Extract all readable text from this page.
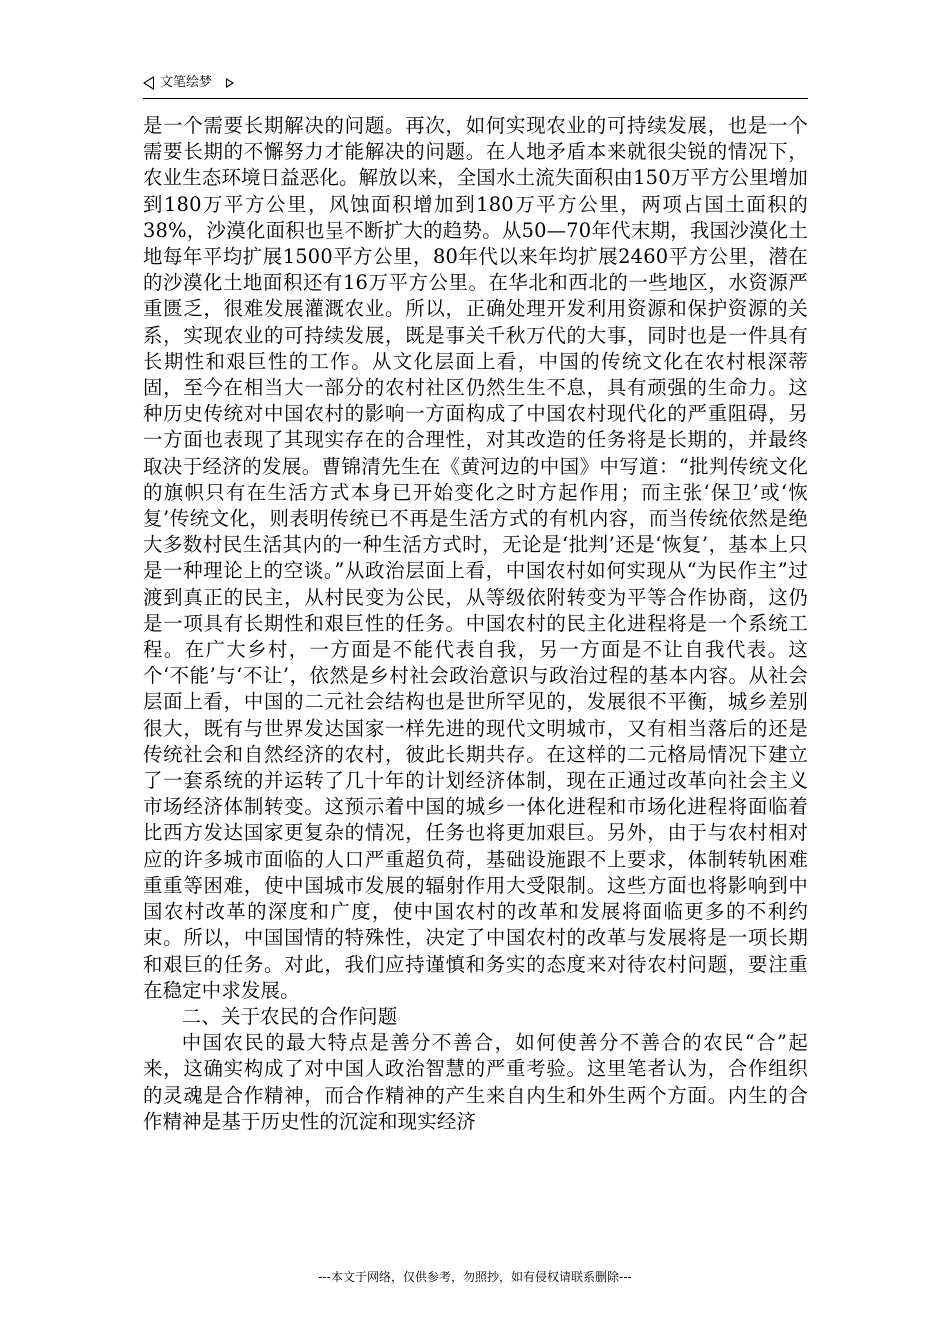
文笔绘梦

是一个需要长期解决的问题。再次，如何实现农业的可持续发展，也是一个需要长期的不懈努力才能解决的问题。在人地矛盾本来就很尖锐的情况下，农业生态环境日益恶化。解放以来，全国水土流失面积由150万平方公里增加到180万平方公里，风蚀面积增加到180万平方公里，两项占国土面积的38%，沙漠化面积也呈不断扩大的趋势。从50—70年代末期，我国沙漠化土地每年平均扩展1500平方公里，80年代以来年均扩展2460平方公里，潜在的沙漠化土地面积还有16万平方公里。在华北和西北的一些地区，水资源严重匮乏，很难发展灌溉农业。所以，正确处理开发利用资源和保护资源的关系，实现农业的可持续发展，既是事关千秋万代的大事，同时也是一件具有长期性和艰巨性的工作。从文化层面上看，中国的传统文化在农村根深蒂固，至今在相当大一部分的农村社区仍然生生不息，具有顽强的生命力。这种历史传统对中国农村的影响一方面构成了中国农村现代化的严重阻碍，另一方面也表现了其现实存在的合理性，对其改造的任务将是长期的，并最终取决于经济的发展。曹锦清先生在《黄河边的中国》中写道：“批判传统文化的旗帜只有在生活方式本身已开始变化之时方起作用；而主张‘保卫’或‘恢复’传统文化，则表明传统已不再是生活方式的有机内容，而当传统依然是绝大多数村民生活其内的一种生活方式时，无论是‘批判’还是‘恢复’，基本上只是一种理论上的空谈。”从政治层面上看，中国农村如何实现从“为民作主”过渡到真正的民主，从村民变为公民，从等级依附转变为平等合作协商，这仍是一项具有长期性和艰巨性的任务。中国农村的民主化进程将是一个系统工程。在广大乡村，一方面是不能代表自我，另一方面是不让自我代表。这个‘不能’与‘不让’，依然是乡村社会政治意识与政治过程的基本内容。从社会层面上看，中国的二元社会结构也是世所罕见的，发展很不平衡，城乡差别很大，既有与世界发达国家一样先进的现代文明城市，又有相当落后的还是传统社会和自然经济的农村，彼此长期共存。在这样的二元格局情况下建立了一套系统的并运转了几十年的计划经济体制，现在正通过改革向社会主义市场经济体制转变。这预示着中国的城乡一体化进程和市场化进程将面临着比西方发达国家更复杂的情况，任务也将更加艰巨。另外，由于与农村相对应的许多城市面临的人口严重超负荷，基础设施跟不上要求，体制转轨困难重重等困难，使中国城市发展的辐射作用大受限制。这些方面也将影响到中国农村改革的深度和广度，使中国农村的改革和发展将面临更多的不利约束。所以，中国国情的特殊性，决定了中国农村的改革与发展将是一项长期和艰巨的任务。对此，我们应持谨慎和务实的态度来对待农村问题，要注重在稳定中求发展。

二、关于农民的合作问题

中国农民的最大特点是善分不善合，如何使善分不善合的农民“合”起来，这确实构成了对中国人政治智慧的严重考验。这里笔者认为，合作组织的灵魂是合作精神，而合作精神的产生来自内生和外生两个方面。内生的合作精神是基于历史性的沉淀和现实经济

---本文于网络，仅供参考，勿照抄，如有侵权请联系删除---
